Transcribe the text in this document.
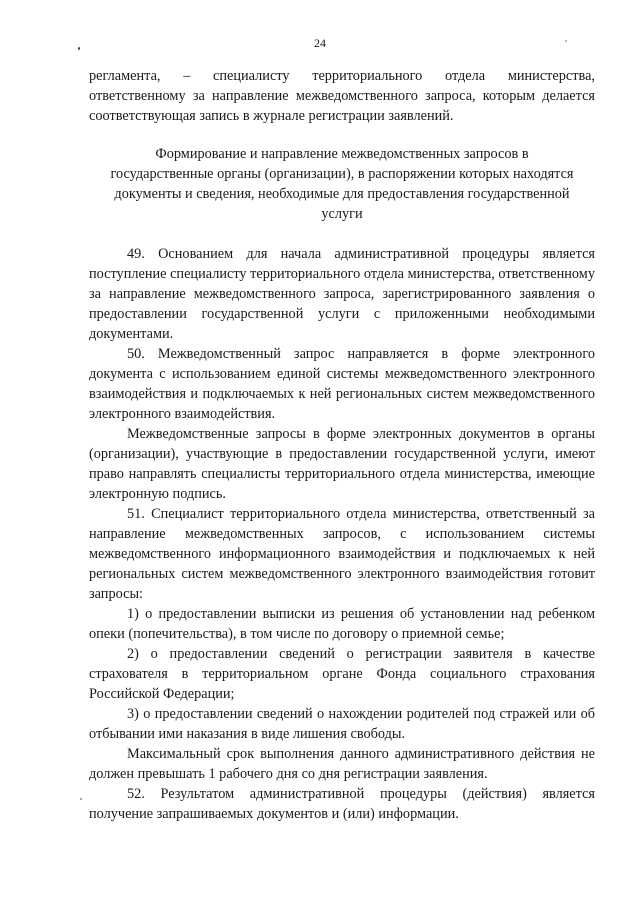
24

регламента, – специалисту территориального отдела министерства, ответственному за направление межведомственного запроса, которым делается соответствующая запись в журнале регистрации заявлений.

Формирование и направление межведомственных запросов в государственные органы (организации), в распоряжении которых находятся документы и сведения, необходимые для предоставления государственной услуги

49. Основанием для начала административной процедуры является поступление специалисту территориального отдела министерства, ответственному за направление межведомственного запроса, зарегистрированного заявления о предоставлении государственной услуги с приложенными необходимыми документами.

50. Межведомственный запрос направляется в форме электронного документа с использованием единой системы межведомственного электронного взаимодействия и подключаемых к ней региональных систем межведомственного электронного взаимодействия.

Межведомственные запросы в форме электронных документов в органы (организации), участвующие в предоставлении государственной услуги, имеют право направлять специалисты территориального отдела министерства, имеющие электронную подпись.

51. Специалист территориального отдела министерства, ответственный за направление межведомственных запросов, с использованием системы межведомственного информационного взаимодействия и подключаемых к ней региональных систем межведомственного электронного взаимодействия готовит запросы:

1) о предоставлении выписки из решения об установлении над ребенком опеки (попечительства), в том числе по договору о приемной семье;

2) о предоставлении сведений о регистрации заявителя в качестве страхователя в территориальном органе Фонда социального страхования Российской Федерации;

3) о предоставлении сведений о нахождении родителей под стражей или об отбывании ими наказания в виде лишения свободы.

Максимальный срок выполнения данного административного действия не должен превышать 1 рабочего дня со дня регистрации заявления.

52. Результатом административной процедуры (действия) является получение запрашиваемых документов и (или) информации.
